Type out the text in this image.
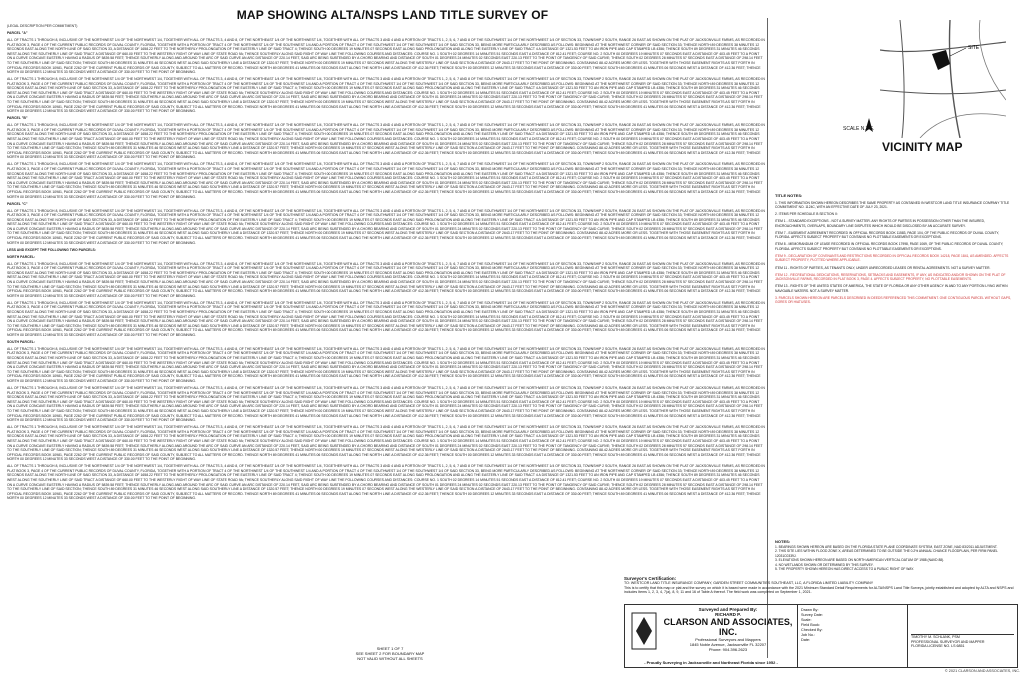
MAP SHOWING ALTA/NSPS LAND TITLE SURVEY OF

(LEGAL DESCRIPTION PER COMMITMENT)

PARCEL "A"

ALL OF TRACTS 1 THROUGH 8, INCLUSIVE OF THE NORTHWEST 1/4 OF THE NORTHWEST 1/4, TOGETHER WITH ALL OF TRACTS 3, 4 AND 8, OF THE NORTHEAST 1/4 OF THE NORTHWEST 1/4, TOGETHER WITH ALL OF TRACTS 3 AND 4 AND A PORTION OF TRACTS 1, 2, 5, 6, 7 AND 8 OF THE SOUTHWEST 1/4 OF THE NORTHWEST 1/4 OF SECTION 33, TOWNSHIP 2 SOUTH, RANGE 26 EAST AS SHOWN ON THE PLAT OF JACKSONVILLE FARMS, AS RECORDED IN PLAT BOOK 3, PAGE 4 OF THE CURRENT PUBLIC RECORDS OF DUVAL COUNTY, FLORIDA, TOGETHER WITH A PORTION OF TRACT 4 OF THE NORTHWEST 1/4 OF THE SOUTHWEST 1/4 AND A PORTION OF TRACT 4 OF THE SOUTHWEST 1/4 OF THE SOUTHWEST 1/4 OF SAID SECTION 33, BEING MORE PARTICULARLY DESCRIBED AS FOLLOWS: BEGINNING AT THE NORTHWEST CORNER OF SAID SECTION 33; THENCE NORTH 89 DEGREES 38 MINUTES 12 SECONDS EAST ALONG THE NORTH LINE OF SAID SECTION 33, A DISTANCE OF 1658.22 FEET TO THE NORTHERLY PROLONGATION OF THE EASTERLY LINE OF SAID TRACT 4; THENCE SOUTH 00 DEGREES 19 MINUTES 07 SECONDS EAST ALONG SAID PROLONGATION AND ALONG THE EASTERLY LINE OF SAID TRACT 4 A DISTANCE OF 1321.53 FEET TO AN IRON PIPE AND CAP STAMPED LB 4356; THENCE SOUTH 89 DEGREES 31 MINUTES 46 SECONDS WEST ALONG THE SOUTHERLY LINE OF SAID TRACT A DISTANCE OF 660.00 FEET TO THE WESTERLY RIGHT OF WAY LINE OF STATE ROAD 9A; THENCE SOUTHERLY ALONG SAID RIGHT OF WAY LINE THE FOLLOWING COURSES AND DISTANCES: COURSE NO. 1 SOUTH 02 DEGREES 14 MINUTES 51 SECONDS EAST A DISTANCE OF 812.41 FEET; COURSE NO. 2 SOUTH 00 DEGREES 19 MINUTES 07 SECONDS EAST A DISTANCE OF 403.45 FEET TO A POINT ON A CURVE CONCAVE EASTERLY HAVING A RADIUS OF 5839.58 FEET; THENCE SOUTHERLY ALONG AND AROUND THE ARC OF SAID CURVE AN ARC DISTANCE OF 220.14 FEET, SAID ARC BEING SUBTENDED BY A CHORD BEARING AND DISTANCE OF SOUTH 01 DEGREES 24 MINUTES 02 SECONDS EAST 220.13 FEET TO THE POINT OF TANGENCY OF SAID CURVE; THENCE SOUTH 02 DEGREES 28 MINUTES 57 SECONDS EAST A DISTANCE OF 298.14 FEET TO THE SOUTHERLY LINE OF SAID SECTION; THENCE SOUTH 89 DEGREES 31 MINUTES 46 SECONDS WEST ALONG SAID SOUTHERLY LINE A DISTANCE OF 1320.57 FEET; THENCE NORTH 00 DEGREES 19 MINUTES 07 SECONDS WEST ALONG THE WESTERLY LINE OF SAID SECTION A DISTANCE OF 2643.17 FEET TO THE POINT OF BEGINNING. CONTAINING 88.42 ACRES MORE OR LESS. TOGETHER WITH THOSE EASEMENT RIGHTS AS SET FORTH IN OFFICIAL RECORDS BOOK 10981, PAGE 2262 OF THE CURRENT PUBLIC RECORDS OF SAID COUNTY, SUBJECT TO ALL MATTERS OF RECORD. THENCE NORTH 89 DEGREES 41 MINUTES 06 SECONDS EAST ALONG THE NORTH LINE A DISTANCE OF 412.36 FEET; THENCE SOUTH 00 DEGREES 12 MINUTES 33 SECONDS EAST A DISTANCE OF 330.00 FEET; THENCE SOUTH 89 DEGREES 41 MINUTES 06 SECONDS WEST A DISTANCE OF 412.36 FEET; THENCE NORTH 00 DEGREES 12 MINUTES 33 SECONDS WEST A DISTANCE OF 330.00 FEET TO THE POINT OF BEGINNING.

ALL OF TRACTS 1 THROUGH 8, INCLUSIVE OF THE NORTHWEST 1/4 OF THE NORTHWEST 1/4, TOGETHER WITH ALL OF TRACTS 3, 4 AND 8, OF THE NORTHEAST 1/4 OF THE NORTHWEST 1/4, TOGETHER WITH ALL OF TRACTS 3 AND 4 AND A PORTION OF TRACTS 1, 2, 5, 6, 7 AND 8 OF THE SOUTHWEST 1/4 OF THE NORTHWEST 1/4 OF SECTION 33, TOWNSHIP 2 SOUTH, RANGE 26 EAST AS SHOWN ON THE PLAT OF JACKSONVILLE FARMS, AS RECORDED IN PLAT BOOK 3, PAGE 4 OF THE CURRENT PUBLIC RECORDS OF DUVAL COUNTY, FLORIDA, TOGETHER WITH A PORTION OF TRACT 4 OF THE NORTHWEST 1/4 OF THE SOUTHWEST 1/4 AND A PORTION OF TRACT 4 OF THE SOUTHWEST 1/4 OF THE SOUTHWEST 1/4 OF SAID SECTION 33, BEING MORE PARTICULARLY DESCRIBED AS FOLLOWS: BEGINNING AT THE NORTHWEST CORNER OF SAID SECTION 33; THENCE NORTH 89 DEGREES 38 MINUTES 12 SECONDS EAST ALONG THE NORTH LINE OF SAID SECTION 33, A DISTANCE OF 1658.22 FEET TO THE NORTHERLY PROLONGATION OF THE EASTERLY LINE OF SAID TRACT 4; THENCE SOUTH 00 DEGREES 19 MINUTES 07 SECONDS EAST ALONG SAID PROLONGATION AND ALONG THE EASTERLY LINE OF SAID TRACT 4 A DISTANCE OF 1321.53 FEET TO AN IRON PIPE AND CAP STAMPED LB 4356; THENCE SOUTH 89 DEGREES 31 MINUTES 46 SECONDS WEST ALONG THE SOUTHERLY LINE OF SAID TRACT A DISTANCE OF 660.00 FEET TO THE WESTERLY RIGHT OF WAY LINE OF STATE ROAD 9A; THENCE SOUTHERLY ALONG SAID RIGHT OF WAY LINE THE FOLLOWING COURSES AND DISTANCES: COURSE NO. 1 SOUTH 02 DEGREES 14 MINUTES 51 SECONDS EAST A DISTANCE OF 812.41 FEET; COURSE NO. 2 SOUTH 00 DEGREES 19 MINUTES 07 SECONDS EAST A DISTANCE OF 403.45 FEET TO A POINT ON A CURVE CONCAVE EASTERLY HAVING A RADIUS OF 5839.58 FEET; THENCE SOUTHERLY ALONG AND AROUND THE ARC OF SAID CURVE AN ARC DISTANCE OF 220.14 FEET, SAID ARC BEING SUBTENDED BY A CHORD BEARING AND DISTANCE OF SOUTH 01 DEGREES 24 MINUTES 02 SECONDS EAST 220.13 FEET TO THE POINT OF TANGENCY OF SAID CURVE; THENCE SOUTH 02 DEGREES 28 MINUTES 57 SECONDS EAST A DISTANCE OF 298.14 FEET TO THE SOUTHERLY LINE OF SAID SECTION; THENCE SOUTH 89 DEGREES 31 MINUTES 46 SECONDS WEST ALONG SAID SOUTHERLY LINE A DISTANCE OF 1320.57 FEET; THENCE NORTH 00 DEGREES 19 MINUTES 07 SECONDS WEST ALONG THE WESTERLY LINE OF SAID SECTION A DISTANCE OF 2643.17 FEET TO THE POINT OF BEGINNING. CONTAINING 88.42 ACRES MORE OR LESS. TOGETHER WITH THOSE EASEMENT RIGHTS AS SET FORTH IN OFFICIAL RECORDS BOOK 10981, PAGE 2262 OF THE CURRENT PUBLIC RECORDS OF SAID COUNTY, SUBJECT TO ALL MATTERS OF RECORD. THENCE NORTH 89 DEGREES 41 MINUTES 06 SECONDS EAST ALONG THE NORTH LINE A DISTANCE OF 412.36 FEET; THENCE SOUTH 00 DEGREES 12 MINUTES 33 SECONDS EAST A DISTANCE OF 330.00 FEET; THENCE SOUTH 89 DEGREES 41 MINUTES 06 SECONDS WEST A DISTANCE OF 412.36 FEET; THENCE NORTH 00 DEGREES 12 MINUTES 33 SECONDS WEST A DISTANCE OF 330.00 FEET TO THE POINT OF BEGINNING.

PARCEL "B"

ALL OF TRACTS 1 THROUGH 8, INCLUSIVE OF THE NORTHWEST 1/4 OF THE NORTHWEST 1/4, TOGETHER WITH ALL OF TRACTS 3, 4 AND 8, OF THE NORTHEAST 1/4 OF THE NORTHWEST 1/4, TOGETHER WITH ALL OF TRACTS 3 AND 4 AND A PORTION OF TRACTS 1, 2, 5, 6, 7 AND 8 OF THE SOUTHWEST 1/4 OF THE NORTHWEST 1/4 OF SECTION 33, TOWNSHIP 2 SOUTH, RANGE 26 EAST AS SHOWN ON THE PLAT OF JACKSONVILLE FARMS, AS RECORDED IN PLAT BOOK 3, PAGE 4 OF THE CURRENT PUBLIC RECORDS OF DUVAL COUNTY, FLORIDA, TOGETHER WITH A PORTION OF TRACT 4 OF THE NORTHWEST 1/4 OF THE SOUTHWEST 1/4 AND A PORTION OF TRACT 4 OF THE SOUTHWEST 1/4 OF THE SOUTHWEST 1/4 OF SAID SECTION 33, BEING MORE PARTICULARLY DESCRIBED AS FOLLOWS: BEGINNING AT THE NORTHWEST CORNER OF SAID SECTION 33; THENCE NORTH 89 DEGREES 38 MINUTES 12 SECONDS EAST ALONG THE NORTH LINE OF SAID SECTION 33, A DISTANCE OF 1658.22 FEET TO THE NORTHERLY PROLONGATION OF THE EASTERLY LINE OF SAID TRACT 4; THENCE SOUTH 00 DEGREES 19 MINUTES 07 SECONDS EAST ALONG SAID PROLONGATION AND ALONG THE EASTERLY LINE OF SAID TRACT 4 A DISTANCE OF 1321.53 FEET TO AN IRON PIPE AND CAP STAMPED LB 4356; THENCE SOUTH 89 DEGREES 31 MINUTES 46 SECONDS WEST ALONG THE SOUTHERLY LINE OF SAID TRACT A DISTANCE OF 660.00 FEET TO THE WESTERLY RIGHT OF WAY LINE OF STATE ROAD 9A; THENCE SOUTHERLY ALONG SAID RIGHT OF WAY LINE THE FOLLOWING COURSES AND DISTANCES: COURSE NO. 1 SOUTH 02 DEGREES 14 MINUTES 51 SECONDS EAST A DISTANCE OF 812.41 FEET; COURSE NO. 2 SOUTH 00 DEGREES 19 MINUTES 07 SECONDS EAST A DISTANCE OF 403.45 FEET TO A POINT ON A CURVE CONCAVE EASTERLY HAVING A RADIUS OF 5839.58 FEET; THENCE SOUTHERLY ALONG AND AROUND THE ARC OF SAID CURVE AN ARC DISTANCE OF 220.14 FEET, SAID ARC BEING SUBTENDED BY A CHORD BEARING AND DISTANCE OF SOUTH 01 DEGREES 24 MINUTES 02 SECONDS EAST 220.13 FEET TO THE POINT OF TANGENCY OF SAID CURVE; THENCE SOUTH 02 DEGREES 28 MINUTES 57 SECONDS EAST A DISTANCE OF 298.14 FEET TO THE SOUTHERLY LINE OF SAID SECTION; THENCE SOUTH 89 DEGREES 31 MINUTES 46 SECONDS WEST ALONG SAID SOUTHERLY LINE A DISTANCE OF 1320.57 FEET; THENCE NORTH 00 DEGREES 19 MINUTES 07 SECONDS WEST ALONG THE WESTERLY LINE OF SAID SECTION A DISTANCE OF 2643.17 FEET TO THE POINT OF BEGINNING. CONTAINING 88.42 ACRES MORE OR LESS. TOGETHER WITH THOSE EASEMENT RIGHTS AS SET FORTH IN OFFICIAL RECORDS BOOK 10981, PAGE 2262 OF THE CURRENT PUBLIC RECORDS OF SAID COUNTY, SUBJECT TO ALL MATTERS OF RECORD. THENCE NORTH 89 DEGREES 41 MINUTES 06 SECONDS EAST ALONG THE NORTH LINE A DISTANCE OF 412.36 FEET; THENCE SOUTH 00 DEGREES 12 MINUTES 33 SECONDS EAST A DISTANCE OF 330.00 FEET; THENCE SOUTH 89 DEGREES 41 MINUTES 06 SECONDS WEST A DISTANCE OF 412.36 FEET; THENCE NORTH 00 DEGREES 12 MINUTES 33 SECONDS WEST A DISTANCE OF 330.00 FEET TO THE POINT OF BEGINNING.

ALL OF TRACTS 1 THROUGH 8, INCLUSIVE OF THE NORTHWEST 1/4 OF THE NORTHWEST 1/4, TOGETHER WITH ALL OF TRACTS 3, 4 AND 8, OF THE NORTHEAST 1/4 OF THE NORTHWEST 1/4, TOGETHER WITH ALL OF TRACTS 3 AND 4 AND A PORTION OF TRACTS 1, 2, 5, 6, 7 AND 8 OF THE SOUTHWEST 1/4 OF THE NORTHWEST 1/4 OF SECTION 33, TOWNSHIP 2 SOUTH, RANGE 26 EAST AS SHOWN ON THE PLAT OF JACKSONVILLE FARMS, AS RECORDED IN PLAT BOOK 3, PAGE 4 OF THE CURRENT PUBLIC RECORDS OF DUVAL COUNTY, FLORIDA, TOGETHER WITH A PORTION OF TRACT 4 OF THE NORTHWEST 1/4 OF THE SOUTHWEST 1/4 AND A PORTION OF TRACT 4 OF THE SOUTHWEST 1/4 OF THE SOUTHWEST 1/4 OF SAID SECTION 33, BEING MORE PARTICULARLY DESCRIBED AS FOLLOWS: BEGINNING AT THE NORTHWEST CORNER OF SAID SECTION 33; THENCE NORTH 89 DEGREES 38 MINUTES 12 SECONDS EAST ALONG THE NORTH LINE OF SAID SECTION 33, A DISTANCE OF 1658.22 FEET TO THE NORTHERLY PROLONGATION OF THE EASTERLY LINE OF SAID TRACT 4; THENCE SOUTH 00 DEGREES 19 MINUTES 07 SECONDS EAST ALONG SAID PROLONGATION AND ALONG THE EASTERLY LINE OF SAID TRACT 4 A DISTANCE OF 1321.53 FEET TO AN IRON PIPE AND CAP STAMPED LB 4356; THENCE SOUTH 89 DEGREES 31 MINUTES 46 SECONDS WEST ALONG THE SOUTHERLY LINE OF SAID TRACT A DISTANCE OF 660.00 FEET TO THE WESTERLY RIGHT OF WAY LINE OF STATE ROAD 9A; THENCE SOUTHERLY ALONG SAID RIGHT OF WAY LINE THE FOLLOWING COURSES AND DISTANCES: COURSE NO. 1 SOUTH 02 DEGREES 14 MINUTES 51 SECONDS EAST A DISTANCE OF 812.41 FEET; COURSE NO. 2 SOUTH 00 DEGREES 19 MINUTES 07 SECONDS EAST A DISTANCE OF 403.45 FEET TO A POINT ON A CURVE CONCAVE EASTERLY HAVING A RADIUS OF 5839.58 FEET; THENCE SOUTHERLY ALONG AND AROUND THE ARC OF SAID CURVE AN ARC DISTANCE OF 220.14 FEET, SAID ARC BEING SUBTENDED BY A CHORD BEARING AND DISTANCE OF SOUTH 01 DEGREES 24 MINUTES 02 SECONDS EAST 220.13 FEET TO THE POINT OF TANGENCY OF SAID CURVE; THENCE SOUTH 02 DEGREES 28 MINUTES 57 SECONDS EAST A DISTANCE OF 298.14 FEET TO THE SOUTHERLY LINE OF SAID SECTION; THENCE SOUTH 89 DEGREES 31 MINUTES 46 SECONDS WEST ALONG SAID SOUTHERLY LINE A DISTANCE OF 1320.57 FEET; THENCE NORTH 00 DEGREES 19 MINUTES 07 SECONDS WEST ALONG THE WESTERLY LINE OF SAID SECTION A DISTANCE OF 2643.17 FEET TO THE POINT OF BEGINNING. CONTAINING 88.42 ACRES MORE OR LESS. TOGETHER WITH THOSE EASEMENT RIGHTS AS SET FORTH IN OFFICIAL RECORDS BOOK 10981, PAGE 2262 OF THE CURRENT PUBLIC RECORDS OF SAID COUNTY, SUBJECT TO ALL MATTERS OF RECORD. THENCE NORTH 89 DEGREES 41 MINUTES 06 SECONDS EAST ALONG THE NORTH LINE A DISTANCE OF 412.36 FEET; THENCE SOUTH 00 DEGREES 12 MINUTES 33 SECONDS EAST A DISTANCE OF 330.00 FEET; THENCE SOUTH 89 DEGREES 41 MINUTES 06 SECONDS WEST A DISTANCE OF 412.36 FEET; THENCE NORTH 00 DEGREES 12 MINUTES 33 SECONDS WEST A DISTANCE OF 330.00 FEET TO THE POINT OF BEGINNING.

PARCEL "C"

ALL OF TRACTS 1 THROUGH 8, INCLUSIVE OF THE NORTHWEST 1/4 OF THE NORTHWEST 1/4, TOGETHER WITH ALL OF TRACTS 3, 4 AND 8, OF THE NORTHEAST 1/4 OF THE NORTHWEST 1/4, TOGETHER WITH ALL OF TRACTS 3 AND 4 AND A PORTION OF TRACTS 1, 2, 5, 6, 7 AND 8 OF THE SOUTHWEST 1/4 OF THE NORTHWEST 1/4 OF SECTION 33, TOWNSHIP 2 SOUTH, RANGE 26 EAST AS SHOWN ON THE PLAT OF JACKSONVILLE FARMS, AS RECORDED IN PLAT BOOK 3, PAGE 4 OF THE CURRENT PUBLIC RECORDS OF DUVAL COUNTY, FLORIDA, TOGETHER WITH A PORTION OF TRACT 4 OF THE NORTHWEST 1/4 OF THE SOUTHWEST 1/4 AND A PORTION OF TRACT 4 OF THE SOUTHWEST 1/4 OF THE SOUTHWEST 1/4 OF SAID SECTION 33, BEING MORE PARTICULARLY DESCRIBED AS FOLLOWS: BEGINNING AT THE NORTHWEST CORNER OF SAID SECTION 33; THENCE NORTH 89 DEGREES 38 MINUTES 12 SECONDS EAST ALONG THE NORTH LINE OF SAID SECTION 33, A DISTANCE OF 1658.22 FEET TO THE NORTHERLY PROLONGATION OF THE EASTERLY LINE OF SAID TRACT 4; THENCE SOUTH 00 DEGREES 19 MINUTES 07 SECONDS EAST ALONG SAID PROLONGATION AND ALONG THE EASTERLY LINE OF SAID TRACT 4 A DISTANCE OF 1321.53 FEET TO AN IRON PIPE AND CAP STAMPED LB 4356; THENCE SOUTH 89 DEGREES 31 MINUTES 46 SECONDS WEST ALONG THE SOUTHERLY LINE OF SAID TRACT A DISTANCE OF 660.00 FEET TO THE WESTERLY RIGHT OF WAY LINE OF STATE ROAD 9A; THENCE SOUTHERLY ALONG SAID RIGHT OF WAY LINE THE FOLLOWING COURSES AND DISTANCES: COURSE NO. 1 SOUTH 02 DEGREES 14 MINUTES 51 SECONDS EAST A DISTANCE OF 812.41 FEET; COURSE NO. 2 SOUTH 00 DEGREES 19 MINUTES 07 SECONDS EAST A DISTANCE OF 403.45 FEET TO A POINT ON A CURVE CONCAVE EASTERLY HAVING A RADIUS OF 5839.58 FEET; THENCE SOUTHERLY ALONG AND AROUND THE ARC OF SAID CURVE AN ARC DISTANCE OF 220.14 FEET, SAID ARC BEING SUBTENDED BY A CHORD BEARING AND DISTANCE OF SOUTH 01 DEGREES 24 MINUTES 02 SECONDS EAST 220.13 FEET TO THE POINT OF TANGENCY OF SAID CURVE; THENCE SOUTH 02 DEGREES 28 MINUTES 57 SECONDS EAST A DISTANCE OF 298.14 FEET TO THE SOUTHERLY LINE OF SAID SECTION; THENCE SOUTH 89 DEGREES 31 MINUTES 46 SECONDS WEST ALONG SAID SOUTHERLY LINE A DISTANCE OF 1320.57 FEET; THENCE NORTH 00 DEGREES 19 MINUTES 07 SECONDS WEST ALONG THE WESTERLY LINE OF SAID SECTION A DISTANCE OF 2643.17 FEET TO THE POINT OF BEGINNING. CONTAINING 88.42 ACRES MORE OR LESS. TOGETHER WITH THOSE EASEMENT RIGHTS AS SET FORTH IN OFFICIAL RECORDS BOOK 10981, PAGE 2262 OF THE CURRENT PUBLIC RECORDS OF SAID COUNTY, SUBJECT TO ALL MATTERS OF RECORD. THENCE NORTH 89 DEGREES 41 MINUTES 06 SECONDS EAST ALONG THE NORTH LINE A DISTANCE OF 412.36 FEET; THENCE SOUTH 00 DEGREES 12 MINUTES 33 SECONDS EAST A DISTANCE OF 330.00 FEET; THENCE SOUTH 89 DEGREES 41 MINUTES 06 SECONDS WEST A DISTANCE OF 412.36 FEET; THENCE NORTH 00 DEGREES 12 MINUTES 33 SECONDS WEST A DISTANCE OF 330.00 FEET TO THE POINT OF BEGINNING.

LESS AND EXCEPT THE FOLLOWING TWO PARCELS:

NORTH PARCEL:

ALL OF TRACTS 1 THROUGH 8, INCLUSIVE OF THE NORTHWEST 1/4 OF THE NORTHWEST 1/4, TOGETHER WITH ALL OF TRACTS 3, 4 AND 8, OF THE NORTHEAST 1/4 OF THE NORTHWEST 1/4, TOGETHER WITH ALL OF TRACTS 3 AND 4 AND A PORTION OF TRACTS 1, 2, 5, 6, 7 AND 8 OF THE SOUTHWEST 1/4 OF THE NORTHWEST 1/4 OF SECTION 33, TOWNSHIP 2 SOUTH, RANGE 26 EAST AS SHOWN ON THE PLAT OF JACKSONVILLE FARMS, AS RECORDED IN PLAT BOOK 3, PAGE 4 OF THE CURRENT PUBLIC RECORDS OF DUVAL COUNTY, FLORIDA, TOGETHER WITH A PORTION OF TRACT 4 OF THE NORTHWEST 1/4 OF THE SOUTHWEST 1/4 AND A PORTION OF TRACT 4 OF THE SOUTHWEST 1/4 OF THE SOUTHWEST 1/4 OF SAID SECTION 33, BEING MORE PARTICULARLY DESCRIBED AS FOLLOWS: BEGINNING AT THE NORTHWEST CORNER OF SAID SECTION 33; THENCE NORTH 89 DEGREES 38 MINUTES 12 SECONDS EAST ALONG THE NORTH LINE OF SAID SECTION 33, A DISTANCE OF 1658.22 FEET TO THE NORTHERLY PROLONGATION OF THE EASTERLY LINE OF SAID TRACT 4; THENCE SOUTH 00 DEGREES 19 MINUTES 07 SECONDS EAST ALONG SAID PROLONGATION AND ALONG THE EASTERLY LINE OF SAID TRACT 4 A DISTANCE OF 1321.53 FEET TO AN IRON PIPE AND CAP STAMPED LB 4356; THENCE SOUTH 89 DEGREES 31 MINUTES 46 SECONDS WEST ALONG THE SOUTHERLY LINE OF SAID TRACT A DISTANCE OF 660.00 FEET TO THE WESTERLY RIGHT OF WAY LINE OF STATE ROAD 9A; THENCE SOUTHERLY ALONG SAID RIGHT OF WAY LINE THE FOLLOWING COURSES AND DISTANCES: COURSE NO. 1 SOUTH 02 DEGREES 14 MINUTES 51 SECONDS EAST A DISTANCE OF 812.41 FEET; COURSE NO. 2 SOUTH 00 DEGREES 19 MINUTES 07 SECONDS EAST A DISTANCE OF 403.45 FEET TO A POINT ON A CURVE CONCAVE EASTERLY HAVING A RADIUS OF 5839.58 FEET; THENCE SOUTHERLY ALONG AND AROUND THE ARC OF SAID CURVE AN ARC DISTANCE OF 220.14 FEET, SAID ARC BEING SUBTENDED BY A CHORD BEARING AND DISTANCE OF SOUTH 01 DEGREES 24 MINUTES 02 SECONDS EAST 220.13 FEET TO THE POINT OF TANGENCY OF SAID CURVE; THENCE SOUTH 02 DEGREES 28 MINUTES 57 SECONDS EAST A DISTANCE OF 298.14 FEET TO THE SOUTHERLY LINE OF SAID SECTION; THENCE SOUTH 89 DEGREES 31 MINUTES 46 SECONDS WEST ALONG SAID SOUTHERLY LINE A DISTANCE OF 1320.57 FEET; THENCE NORTH 00 DEGREES 19 MINUTES 07 SECONDS WEST ALONG THE WESTERLY LINE OF SAID SECTION A DISTANCE OF 2643.17 FEET TO THE POINT OF BEGINNING. CONTAINING 88.42 ACRES MORE OR LESS. TOGETHER WITH THOSE EASEMENT RIGHTS AS SET FORTH IN OFFICIAL RECORDS BOOK 10981, PAGE 2262 OF THE CURRENT PUBLIC RECORDS OF SAID COUNTY, SUBJECT TO ALL MATTERS OF RECORD. THENCE NORTH 89 DEGREES 41 MINUTES 06 SECONDS EAST ALONG THE NORTH LINE A DISTANCE OF 412.36 FEET; THENCE SOUTH 00 DEGREES 12 MINUTES 33 SECONDS EAST A DISTANCE OF 330.00 FEET; THENCE SOUTH 89 DEGREES 41 MINUTES 06 SECONDS WEST A DISTANCE OF 412.36 FEET; THENCE NORTH 00 DEGREES 12 MINUTES 33 SECONDS WEST A DISTANCE OF 330.00 FEET TO THE POINT OF BEGINNING.

ALL OF TRACTS 1 THROUGH 8, INCLUSIVE OF THE NORTHWEST 1/4 OF THE NORTHWEST 1/4, TOGETHER WITH ALL OF TRACTS 3, 4 AND 8, OF THE NORTHEAST 1/4 OF THE NORTHWEST 1/4, TOGETHER WITH ALL OF TRACTS 3 AND 4 AND A PORTION OF TRACTS 1, 2, 5, 6, 7 AND 8 OF THE SOUTHWEST 1/4 OF THE NORTHWEST 1/4 OF SECTION 33, TOWNSHIP 2 SOUTH, RANGE 26 EAST AS SHOWN ON THE PLAT OF JACKSONVILLE FARMS, AS RECORDED IN PLAT BOOK 3, PAGE 4 OF THE CURRENT PUBLIC RECORDS OF DUVAL COUNTY, FLORIDA, TOGETHER WITH A PORTION OF TRACT 4 OF THE NORTHWEST 1/4 OF THE SOUTHWEST 1/4 AND A PORTION OF TRACT 4 OF THE SOUTHWEST 1/4 OF THE SOUTHWEST 1/4 OF SAID SECTION 33, BEING MORE PARTICULARLY DESCRIBED AS FOLLOWS: BEGINNING AT THE NORTHWEST CORNER OF SAID SECTION 33; THENCE NORTH 89 DEGREES 38 MINUTES 12 SECONDS EAST ALONG THE NORTH LINE OF SAID SECTION 33, A DISTANCE OF 1658.22 FEET TO THE NORTHERLY PROLONGATION OF THE EASTERLY LINE OF SAID TRACT 4; THENCE SOUTH 00 DEGREES 19 MINUTES 07 SECONDS EAST ALONG SAID PROLONGATION AND ALONG THE EASTERLY LINE OF SAID TRACT 4 A DISTANCE OF 1321.53 FEET TO AN IRON PIPE AND CAP STAMPED LB 4356; THENCE SOUTH 89 DEGREES 31 MINUTES 46 SECONDS WEST ALONG THE SOUTHERLY LINE OF SAID TRACT A DISTANCE OF 660.00 FEET TO THE WESTERLY RIGHT OF WAY LINE OF STATE ROAD 9A; THENCE SOUTHERLY ALONG SAID RIGHT OF WAY LINE THE FOLLOWING COURSES AND DISTANCES: COURSE NO. 1 SOUTH 02 DEGREES 14 MINUTES 51 SECONDS EAST A DISTANCE OF 812.41 FEET; COURSE NO. 2 SOUTH 00 DEGREES 19 MINUTES 07 SECONDS EAST A DISTANCE OF 403.45 FEET TO A POINT ON A CURVE CONCAVE EASTERLY HAVING A RADIUS OF 5839.58 FEET; THENCE SOUTHERLY ALONG AND AROUND THE ARC OF SAID CURVE AN ARC DISTANCE OF 220.14 FEET, SAID ARC BEING SUBTENDED BY A CHORD BEARING AND DISTANCE OF SOUTH 01 DEGREES 24 MINUTES 02 SECONDS EAST 220.13 FEET TO THE POINT OF TANGENCY OF SAID CURVE; THENCE SOUTH 02 DEGREES 28 MINUTES 57 SECONDS EAST A DISTANCE OF 298.14 FEET TO THE SOUTHERLY LINE OF SAID SECTION; THENCE SOUTH 89 DEGREES 31 MINUTES 46 SECONDS WEST ALONG SAID SOUTHERLY LINE A DISTANCE OF 1320.57 FEET; THENCE NORTH 00 DEGREES 19 MINUTES 07 SECONDS WEST ALONG THE WESTERLY LINE OF SAID SECTION A DISTANCE OF 2643.17 FEET TO THE POINT OF BEGINNING. CONTAINING 88.42 ACRES MORE OR LESS. TOGETHER WITH THOSE EASEMENT RIGHTS AS SET FORTH IN OFFICIAL RECORDS BOOK 10981, PAGE 2262 OF THE CURRENT PUBLIC RECORDS OF SAID COUNTY, SUBJECT TO ALL MATTERS OF RECORD. THENCE NORTH 89 DEGREES 41 MINUTES 06 SECONDS EAST ALONG THE NORTH LINE A DISTANCE OF 412.36 FEET; THENCE SOUTH 00 DEGREES 12 MINUTES 33 SECONDS EAST A DISTANCE OF 330.00 FEET; THENCE SOUTH 89 DEGREES 41 MINUTES 06 SECONDS WEST A DISTANCE OF 412.36 FEET; THENCE NORTH 00 DEGREES 12 MINUTES 33 SECONDS WEST A DISTANCE OF 330.00 FEET TO THE POINT OF BEGINNING.

SOUTH PARCEL:

ALL OF TRACTS 1 THROUGH 8, INCLUSIVE OF THE NORTHWEST 1/4 OF THE NORTHWEST 1/4, TOGETHER WITH ALL OF TRACTS 3, 4 AND 8, OF THE NORTHEAST 1/4 OF THE NORTHWEST 1/4, TOGETHER WITH ALL OF TRACTS 3 AND 4 AND A PORTION OF TRACTS 1, 2, 5, 6, 7 AND 8 OF THE SOUTHWEST 1/4 OF THE NORTHWEST 1/4 OF SECTION 33, TOWNSHIP 2 SOUTH, RANGE 26 EAST AS SHOWN ON THE PLAT OF JACKSONVILLE FARMS, AS RECORDED IN PLAT BOOK 3, PAGE 4 OF THE CURRENT PUBLIC RECORDS OF DUVAL COUNTY, FLORIDA, TOGETHER WITH A PORTION OF TRACT 4 OF THE NORTHWEST 1/4 OF THE SOUTHWEST 1/4 AND A PORTION OF TRACT 4 OF THE SOUTHWEST 1/4 OF THE SOUTHWEST 1/4 OF SAID SECTION 33, BEING MORE PARTICULARLY DESCRIBED AS FOLLOWS: BEGINNING AT THE NORTHWEST CORNER OF SAID SECTION 33; THENCE NORTH 89 DEGREES 38 MINUTES 12 SECONDS EAST ALONG THE NORTH LINE OF SAID SECTION 33, A DISTANCE OF 1658.22 FEET TO THE NORTHERLY PROLONGATION OF THE EASTERLY LINE OF SAID TRACT 4; THENCE SOUTH 00 DEGREES 19 MINUTES 07 SECONDS EAST ALONG SAID PROLONGATION AND ALONG THE EASTERLY LINE OF SAID TRACT 4 A DISTANCE OF 1321.53 FEET TO AN IRON PIPE AND CAP STAMPED LB 4356; THENCE SOUTH 89 DEGREES 31 MINUTES 46 SECONDS WEST ALONG THE SOUTHERLY LINE OF SAID TRACT A DISTANCE OF 660.00 FEET TO THE WESTERLY RIGHT OF WAY LINE OF STATE ROAD 9A; THENCE SOUTHERLY ALONG SAID RIGHT OF WAY LINE THE FOLLOWING COURSES AND DISTANCES: COURSE NO. 1 SOUTH 02 DEGREES 14 MINUTES 51 SECONDS EAST A DISTANCE OF 812.41 FEET; COURSE NO. 2 SOUTH 00 DEGREES 19 MINUTES 07 SECONDS EAST A DISTANCE OF 403.45 FEET TO A POINT ON A CURVE CONCAVE EASTERLY HAVING A RADIUS OF 5839.58 FEET; THENCE SOUTHERLY ALONG AND AROUND THE ARC OF SAID CURVE AN ARC DISTANCE OF 220.14 FEET, SAID ARC BEING SUBTENDED BY A CHORD BEARING AND DISTANCE OF SOUTH 01 DEGREES 24 MINUTES 02 SECONDS EAST 220.13 FEET TO THE POINT OF TANGENCY OF SAID CURVE; THENCE SOUTH 02 DEGREES 28 MINUTES 57 SECONDS EAST A DISTANCE OF 298.14 FEET TO THE SOUTHERLY LINE OF SAID SECTION; THENCE SOUTH 89 DEGREES 31 MINUTES 46 SECONDS WEST ALONG SAID SOUTHERLY LINE A DISTANCE OF 1320.57 FEET; THENCE NORTH 00 DEGREES 19 MINUTES 07 SECONDS WEST ALONG THE WESTERLY LINE OF SAID SECTION A DISTANCE OF 2643.17 FEET TO THE POINT OF BEGINNING. CONTAINING 88.42 ACRES MORE OR LESS. TOGETHER WITH THOSE EASEMENT RIGHTS AS SET FORTH IN OFFICIAL RECORDS BOOK 10981, PAGE 2262 OF THE CURRENT PUBLIC RECORDS OF SAID COUNTY, SUBJECT TO ALL MATTERS OF RECORD. THENCE NORTH 89 DEGREES 41 MINUTES 06 SECONDS EAST ALONG THE NORTH LINE A DISTANCE OF 412.36 FEET; THENCE SOUTH 00 DEGREES 12 MINUTES 33 SECONDS EAST A DISTANCE OF 330.00 FEET; THENCE SOUTH 89 DEGREES 41 MINUTES 06 SECONDS WEST A DISTANCE OF 412.36 FEET; THENCE NORTH 00 DEGREES 12 MINUTES 33 SECONDS WEST A DISTANCE OF 330.00 FEET TO THE POINT OF BEGINNING.

ALL OF TRACTS 1 THROUGH 8, INCLUSIVE OF THE NORTHWEST 1/4 OF THE NORTHWEST 1/4, TOGETHER WITH ALL OF TRACTS 3, 4 AND 8, OF THE NORTHEAST 1/4 OF THE NORTHWEST 1/4, TOGETHER WITH ALL OF TRACTS 3 AND 4 AND A PORTION OF TRACTS 1, 2, 5, 6, 7 AND 8 OF THE SOUTHWEST 1/4 OF THE NORTHWEST 1/4 OF SECTION 33, TOWNSHIP 2 SOUTH, RANGE 26 EAST AS SHOWN ON THE PLAT OF JACKSONVILLE FARMS, AS RECORDED IN PLAT BOOK 3, PAGE 4 OF THE CURRENT PUBLIC RECORDS OF DUVAL COUNTY, FLORIDA, TOGETHER WITH A PORTION OF TRACT 4 OF THE NORTHWEST 1/4 OF THE SOUTHWEST 1/4 AND A PORTION OF TRACT 4 OF THE SOUTHWEST 1/4 OF THE SOUTHWEST 1/4 OF SAID SECTION 33, BEING MORE PARTICULARLY DESCRIBED AS FOLLOWS: BEGINNING AT THE NORTHWEST CORNER OF SAID SECTION 33; THENCE NORTH 89 DEGREES 38 MINUTES 12 SECONDS EAST ALONG THE NORTH LINE OF SAID SECTION 33, A DISTANCE OF 1658.22 FEET TO THE NORTHERLY PROLONGATION OF THE EASTERLY LINE OF SAID TRACT 4; THENCE SOUTH 00 DEGREES 19 MINUTES 07 SECONDS EAST ALONG SAID PROLONGATION AND ALONG THE EASTERLY LINE OF SAID TRACT 4 A DISTANCE OF 1321.53 FEET TO AN IRON PIPE AND CAP STAMPED LB 4356; THENCE SOUTH 89 DEGREES 31 MINUTES 46 SECONDS WEST ALONG THE SOUTHERLY LINE OF SAID TRACT A DISTANCE OF 660.00 FEET TO THE WESTERLY RIGHT OF WAY LINE OF STATE ROAD 9A; THENCE SOUTHERLY ALONG SAID RIGHT OF WAY LINE THE FOLLOWING COURSES AND DISTANCES: COURSE NO. 1 SOUTH 02 DEGREES 14 MINUTES 51 SECONDS EAST A DISTANCE OF 812.41 FEET; COURSE NO. 2 SOUTH 00 DEGREES 19 MINUTES 07 SECONDS EAST A DISTANCE OF 403.45 FEET TO A POINT ON A CURVE CONCAVE EASTERLY HAVING A RADIUS OF 5839.58 FEET; THENCE SOUTHERLY ALONG AND AROUND THE ARC OF SAID CURVE AN ARC DISTANCE OF 220.14 FEET, SAID ARC BEING SUBTENDED BY A CHORD BEARING AND DISTANCE OF SOUTH 01 DEGREES 24 MINUTES 02 SECONDS EAST 220.13 FEET TO THE POINT OF TANGENCY OF SAID CURVE; THENCE SOUTH 02 DEGREES 28 MINUTES 57 SECONDS EAST A DISTANCE OF 298.14 FEET TO THE SOUTHERLY LINE OF SAID SECTION; THENCE SOUTH 89 DEGREES 31 MINUTES 46 SECONDS WEST ALONG SAID SOUTHERLY LINE A DISTANCE OF 1320.57 FEET; THENCE NORTH 00 DEGREES 19 MINUTES 07 SECONDS WEST ALONG THE WESTERLY LINE OF SAID SECTION A DISTANCE OF 2643.17 FEET TO THE POINT OF BEGINNING. CONTAINING 88.42 ACRES MORE OR LESS. TOGETHER WITH THOSE EASEMENT RIGHTS AS SET FORTH IN OFFICIAL RECORDS BOOK 10981, PAGE 2262 OF THE CURRENT PUBLIC RECORDS OF SAID COUNTY, SUBJECT TO ALL MATTERS OF RECORD. THENCE NORTH 89 DEGREES 41 MINUTES 06 SECONDS EAST ALONG THE NORTH LINE A DISTANCE OF 412.36 FEET; THENCE SOUTH 00 DEGREES 12 MINUTES 33 SECONDS EAST A DISTANCE OF 330.00 FEET; THENCE SOUTH 89 DEGREES 41 MINUTES 06 SECONDS WEST A DISTANCE OF 412.36 FEET; THENCE NORTH 00 DEGREES 12 MINUTES 33 SECONDS WEST A DISTANCE OF 330.00 FEET TO THE POINT OF BEGINNING.

ALL OF TRACTS 1 THROUGH 8, INCLUSIVE OF THE NORTHWEST 1/4 OF THE NORTHWEST 1/4, TOGETHER WITH ALL OF TRACTS 3, 4 AND 8, OF THE NORTHEAST 1/4 OF THE NORTHWEST 1/4, TOGETHER WITH ALL OF TRACTS 3 AND 4 AND A PORTION OF TRACTS 1, 2, 5, 6, 7 AND 8 OF THE SOUTHWEST 1/4 OF THE NORTHWEST 1/4 OF SECTION 33, TOWNSHIP 2 SOUTH, RANGE 26 EAST AS SHOWN ON THE PLAT OF JACKSONVILLE FARMS, AS RECORDED IN PLAT BOOK 3, PAGE 4 OF THE CURRENT PUBLIC RECORDS OF DUVAL COUNTY, FLORIDA, TOGETHER WITH A PORTION OF TRACT 4 OF THE NORTHWEST 1/4 OF THE SOUTHWEST 1/4 AND A PORTION OF TRACT 4 OF THE SOUTHWEST 1/4 OF THE SOUTHWEST 1/4 OF SAID SECTION 33, BEING MORE PARTICULARLY DESCRIBED AS FOLLOWS: BEGINNING AT THE NORTHWEST CORNER OF SAID SECTION 33; THENCE NORTH 89 DEGREES 38 MINUTES 12 SECONDS EAST ALONG THE NORTH LINE OF SAID SECTION 33, A DISTANCE OF 1658.22 FEET TO THE NORTHERLY PROLONGATION OF THE EASTERLY LINE OF SAID TRACT 4; THENCE SOUTH 00 DEGREES 19 MINUTES 07 SECONDS EAST ALONG SAID PROLONGATION AND ALONG THE EASTERLY LINE OF SAID TRACT 4 A DISTANCE OF 1321.53 FEET TO AN IRON PIPE AND CAP STAMPED LB 4356; THENCE SOUTH 89 DEGREES 31 MINUTES 46 SECONDS WEST ALONG THE SOUTHERLY LINE OF SAID TRACT A DISTANCE OF 660.00 FEET TO THE WESTERLY RIGHT OF WAY LINE OF STATE ROAD 9A; THENCE SOUTHERLY ALONG SAID RIGHT OF WAY LINE THE FOLLOWING COURSES AND DISTANCES: COURSE NO. 1 SOUTH 02 DEGREES 14 MINUTES 51 SECONDS EAST A DISTANCE OF 812.41 FEET; COURSE NO. 2 SOUTH 00 DEGREES 19 MINUTES 07 SECONDS EAST A DISTANCE OF 403.45 FEET TO A POINT ON A CURVE CONCAVE EASTERLY HAVING A RADIUS OF 5839.58 FEET; THENCE SOUTHERLY ALONG AND AROUND THE ARC OF SAID CURVE AN ARC DISTANCE OF 220.14 FEET, SAID ARC BEING SUBTENDED BY A CHORD BEARING AND DISTANCE OF SOUTH 01 DEGREES 24 MINUTES 02 SECONDS EAST 220.13 FEET TO THE POINT OF TANGENCY OF SAID CURVE; THENCE SOUTH 02 DEGREES 28 MINUTES 57 SECONDS EAST A DISTANCE OF 298.14 FEET TO THE SOUTHERLY LINE OF SAID SECTION; THENCE SOUTH 89 DEGREES 31 MINUTES 46 SECONDS WEST ALONG SAID SOUTHERLY LINE A DISTANCE OF 1320.57 FEET; THENCE NORTH 00 DEGREES 19 MINUTES 07 SECONDS WEST ALONG THE WESTERLY LINE OF SAID SECTION A DISTANCE OF 2643.17 FEET TO THE POINT OF BEGINNING. CONTAINING 88.42 ACRES MORE OR LESS. TOGETHER WITH THOSE EASEMENT RIGHTS AS SET FORTH IN OFFICIAL RECORDS BOOK 10981, PAGE 2262 OF THE CURRENT PUBLIC RECORDS OF SAID COUNTY, SUBJECT TO ALL MATTERS OF RECORD. THENCE NORTH 89 DEGREES 41 MINUTES 06 SECONDS EAST ALONG THE NORTH LINE A DISTANCE OF 412.36 FEET; THENCE SOUTH 00 DEGREES 12 MINUTES 33 SECONDS EAST A DISTANCE OF 330.00 FEET; THENCE SOUTH 89 DEGREES 41 MINUTES 06 SECONDS WEST A DISTANCE OF 412.36 FEET; THENCE NORTH 00 DEGREES 12 MINUTES 33 SECONDS WEST A DISTANCE OF 330.00 FEET TO THE POINT OF BEGINNING.

ALL OF TRACTS 1 THROUGH 8, INCLUSIVE OF THE NORTHWEST 1/4 OF THE NORTHWEST 1/4, TOGETHER WITH ALL OF TRACTS 3, 4 AND 8, OF THE NORTHEAST 1/4 OF THE NORTHWEST 1/4, TOGETHER WITH ALL OF TRACTS 3 AND 4 AND A PORTION OF TRACTS 1, 2, 5, 6, 7 AND 8 OF THE SOUTHWEST 1/4 OF THE NORTHWEST 1/4 OF SECTION 33, TOWNSHIP 2 SOUTH, RANGE 26 EAST AS SHOWN ON THE PLAT OF JACKSONVILLE FARMS, AS RECORDED IN PLAT BOOK 3, PAGE 4 OF THE CURRENT PUBLIC RECORDS OF DUVAL COUNTY, FLORIDA, TOGETHER WITH A PORTION OF TRACT 4 OF THE NORTHWEST 1/4 OF THE SOUTHWEST 1/4 AND A PORTION OF TRACT 4 OF THE SOUTHWEST 1/4 OF THE SOUTHWEST 1/4 OF SAID SECTION 33, BEING MORE PARTICULARLY DESCRIBED AS FOLLOWS: BEGINNING AT THE NORTHWEST CORNER OF SAID SECTION 33; THENCE NORTH 89 DEGREES 38 MINUTES 12 SECONDS EAST ALONG THE NORTH LINE OF SAID SECTION 33, A DISTANCE OF 1658.22 FEET TO THE NORTHERLY PROLONGATION OF THE EASTERLY LINE OF SAID TRACT 4; THENCE SOUTH 00 DEGREES 19 MINUTES 07 SECONDS EAST ALONG SAID PROLONGATION AND ALONG THE EASTERLY LINE OF SAID TRACT 4 A DISTANCE OF 1321.53 FEET TO AN IRON PIPE AND CAP STAMPED LB 4356; THENCE SOUTH 89 DEGREES 31 MINUTES 46 SECONDS WEST ALONG THE SOUTHERLY LINE OF SAID TRACT A DISTANCE OF 660.00 FEET TO THE WESTERLY RIGHT OF WAY LINE OF STATE ROAD 9A; THENCE SOUTHERLY ALONG SAID RIGHT OF WAY LINE THE FOLLOWING COURSES AND DISTANCES: COURSE NO. 1 SOUTH 02 DEGREES 14 MINUTES 51 SECONDS EAST A DISTANCE OF 812.41 FEET; COURSE NO. 2 SOUTH 00 DEGREES 19 MINUTES 07 SECONDS EAST A DISTANCE OF 403.45 FEET TO A POINT ON A CURVE CONCAVE EASTERLY HAVING A RADIUS OF 5839.58 FEET; THENCE SOUTHERLY ALONG AND AROUND THE ARC OF SAID CURVE AN ARC DISTANCE OF 220.14 FEET, SAID ARC BEING SUBTENDED BY A CHORD BEARING AND DISTANCE OF SOUTH 01 DEGREES 24 MINUTES 02 SECONDS EAST 220.13 FEET TO THE POINT OF TANGENCY OF SAID CURVE; THENCE SOUTH 02 DEGREES 28 MINUTES 57 SECONDS EAST A DISTANCE OF 298.14 FEET TO THE SOUTHERLY LINE OF SAID SECTION; THENCE SOUTH 89 DEGREES 31 MINUTES 46 SECONDS WEST ALONG SAID SOUTHERLY LINE A DISTANCE OF 1320.57 FEET; THENCE NORTH 00 DEGREES 19 MINUTES 07 SECONDS WEST ALONG THE WESTERLY LINE OF SAID SECTION A DISTANCE OF 2643.17 FEET TO THE POINT OF BEGINNING. CONTAINING 88.42 ACRES MORE OR LESS. TOGETHER WITH THOSE EASEMENT RIGHTS AS SET FORTH IN OFFICIAL RECORDS BOOK 10981, PAGE 2262 OF THE CURRENT PUBLIC RECORDS OF SAID COUNTY, SUBJECT TO ALL MATTERS OF RECORD. THENCE NORTH 89 DEGREES 41 MINUTES 06 SECONDS EAST ALONG THE NORTH LINE A DISTANCE OF 412.36 FEET; THENCE SOUTH 00 DEGREES 12 MINUTES 33 SECONDS EAST A DISTANCE OF 330.00 FEET; THENCE SOUTH 89 DEGREES 41 MINUTES 06 SECONDS WEST A DISTANCE OF 412.36 FEET; THENCE NORTH 00 DEGREES 12 MINUTES 33 SECONDS WEST A DISTANCE OF 330.00 FEET TO THE POINT OF BEGINNING.

SITE
SCALE N.T.S.
VICINITY MAP
TITLE NOTES:
1. THIS INFORMATION SHOWN HEREON DESCRIBES THE SAME PROPERTY AS CONTAINED IN WESTCOR LAND TITLE INSURANCE COMPANY TITLE COMMITMENT NO. 1124C, WITH AN EFFECTIVE DATE OF JULY 23, 2021.
2. ITEMS PER SCHEDULE B SECTION II:
ITEM 1 - STANDARD EXCEPTIONS - NOT A SURVEY MATTER. ANY RIGHTS OF PARTIES IN POSSESSION OTHER THAN THE INSURED, ENCROACHMENTS, OVERLAPS, BOUNDARY LINE DISPUTES WHICH WOULD BE DISCLOSED BY AN ACCURATE SURVEY.
ITEM 7 - EASEMENT AGREEMENT RECORDED IN OFFICIAL RECORDS BOOK 11583, PAGE 104, OF THE PUBLIC RECORDS OF DUVAL COUNTY, FLORIDA. AFFECTS SUBJECT PROPERTY BUT CONTAINS NO PLOTTABLE EASEMENTS OR EXCEPTIONS.
ITEM 8 - MEMORANDUM OF LEASE RECORDED IN OFFICIAL RECORDS BOOK 17998, PAGE 1069, OF THE PUBLIC RECORDS OF DUVAL COUNTY, FLORIDA. AFFECTS SUBJECT PROPERTY BUT CONTAINS NO PLOTTABLE EASEMENTS OR EXCEPTIONS.
ITEM 9 - DECLARATION OF COVENANTS AND RESTRICTIONS RECORDED IN OFFICIAL RECORDS BOOK 14218, PAGE 1841, AS AMENDED. AFFECTS SUBJECT PROPERTY, PLOTTED WHERE APPLICABLE.
ITEM 11 - RIGHTS OF PARTIES, AS TENANTS ONLY, UNDER UNRECORDED LEASES OR RENTAL AGREEMENTS. NOT A SURVEY MATTER.
ITEM 12 - RECREATIONAL DEDICATIONS, RESERVATIONS, SETBACKS AND EASEMENTS, IF ANY, AS INDICATED AND/OR SHOWN ON THE PLAT OF JACKSONVILLE FARMS, RECORDED IN PLAT BOOK 3, PAGE 4. AFFECTS SUBJECT PROPERTY, NO PLOTTABLE EASEMENTS.
ITEM 13 - RIGHTS OF THE UNITED STATES OF AMERICA, THE STATE OF FLORIDA OR ANY OTHER AGENCY IN AND TO ANY PORTION LYING WITHIN NAVIGABLE WATERS. NOT A SURVEY MATTER.
3. PARCELS SHOWN HEREON ARE PARCELS DESCRIBED IN DEEDS REFERENCED THIS COMMITMENT. ONE CONTIGUOUS PARCEL WITHOUT GAPS, GORES OR HIATUSES.
NOTES:
1. BEARINGS SHOWN HEREON ARE BASED ON THE FLORIDA STATE PLANE COORDINATE SYSTEM, EAST ZONE, NAD 83/2011 ADJUSTMENT.
2. THIS SITE LIES WITHIN FLOOD ZONE X, AREAS DETERMINED TO BE OUTSIDE THE 0.2% ANNUAL CHANCE FLOODPLAIN, PER FIRM PANEL 12031C0339J.
3. ELEVATIONS SHOWN HEREON ARE BASED ON NORTH AMERICAN VERTICAL DATUM OF 1988 (NAVD 88).
4. NO WETLANDS SHOWN OR DETERMINED BY THIS SURVEY.
5. THE PROPERTY SHOWN HEREON HAS DIRECT ACCESS TO A PUBLIC RIGHT OF WAY.
Surveyor's Certification:
TO: WESTCOR LAND TITLE INSURANCE COMPANY, GARDEN STREET COMMUNITIES SOUTHEAST, LLC, A FLORIDA LIMITED LIABILITY COMPANY
This is to certify that this map or plat and the survey on which it is based were made in accordance with the 2021 Minimum Standard Detail Requirements for ALTA/NSPS Land Title Surveys, jointly established and adopted by ALTA and NSPS and includes Items 1, 2, 3, 4, 7(a), 8, 9, 11 and 16 of Table A thereof. The field work was completed on September 1, 2021.
Surveyed and Prepared By:
RICHARD P.
CLARSON AND ASSOCIATES, INC.
Professional Surveyors and Mappers
1845 Noble Avenue, Jacksonville FL 32207
Phone: 904.396.2623
- Proudly Surveying in Jacksonville and Northeast Florida since 1952 -
Drawn By:
Survey Date:
Scale:
Field Book:
Checked By:
Job No.:
Date:
TIMOTHY M. SCHLANK, PSM
PROFESSIONAL SURVEYOR AND MAPPER
FLORIDA LICENSE NO. LS 6851
SHEET 1 OF 7
SEE SHEET 2 FOR BOUNDARY MAP
NOT VALID WITHOUT ALL SHEETS
© 2021 CLARSON AND ASSOCIATES, INC.
